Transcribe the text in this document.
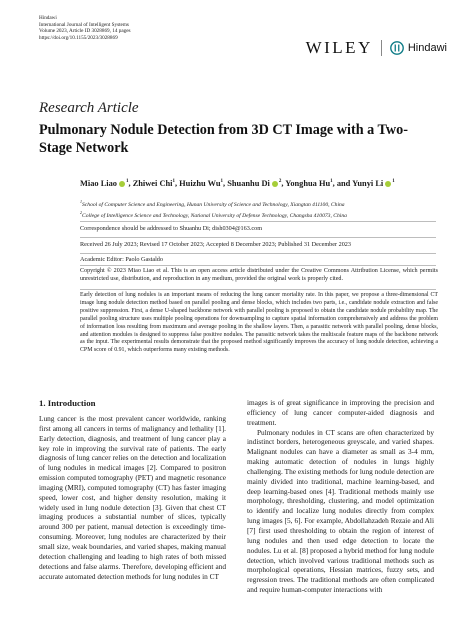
Hindawi
International Journal of Intelligent Systems
Volume 2023, Article ID 3028869, 14 pages
https://doi.org/10.1155/2023/3028869
WILEY	Hindawi
Research Article
Pulmonary Nodule Detection from 3D CT Image with a Two-Stage Network
Miao Liao $^1$, Zhiwei Chi$^1$, Huizhu Wu$^1$, Shuanhu Di $^2$, Yonghua Hu$^1$, and Yunyi Li $^1$
$^1$School of Computer Science and Engineering, Hunan University of Science and Technology, Xiangtan 411100, China
$^2$College of Intelligence Science and Technology, National University of Defense Technology, Changsha 410073, China
Correspondence should be addressed to Shuanhu Di; dish0304@163.com
Received 26 July 2023; Revised 17 October 2023; Accepted 8 December 2023; Published 31 December 2023
Academic Editor: Paolo Gastaldo
Copyright © 2023 Miao Liao et al. This is an open access article distributed under the Creative Commons Attribution License, which permits unrestricted use, distribution, and reproduction in any medium, provided the original work is properly cited.
Early detection of lung nodules is an important means of reducing the lung cancer mortality rate. In this paper, we propose a three-dimensional CT image lung nodule detection method based on parallel pooling and dense blocks, which includes two parts, i.e., candidate nodule extraction and false positive suppression. First, a dense U-shaped backbone network with parallel pooling is proposed to obtain the candidate nodule probability map. The parallel pooling structure uses multiple pooling operations for downsampling to capture spatial information comprehensively and address the problem of information loss resulting from maximum and average pooling in the shallow layers. Then, a parasitic network with parallel pooling, dense blocks, and attention modules is designed to suppress false positive nodules. The parasitic network takes the multiscale feature maps of the backbone network as the input. The experimental results demonstrate that the proposed method significantly improves the accuracy of lung nodule detection, achieving a CPM score of 0.91, which outperforms many existing methods.
1. Introduction

Lung cancer is the most prevalent cancer worldwide, ranking first among all cancers in terms of malignancy and lethality [1]. Early detection, diagnosis, and treatment of lung cancer play a key role in improving the survival rate of patients. The early diagnosis of lung cancer relies on the detection and localization of lung nodules in medical images [2]. Compared to positron emission computed tomography (PET) and magnetic resonance imaging (MRI), computed tomography (CT) has faster imaging speed, lower cost, and higher density resolution, making it widely used in lung nodule detection [3]. Given that chest CT imaging produces a substantial number of slices, typically around 300 per patient, manual detection is exceedingly time-consuming. Moreover, lung nodules are characterized by their small size, weak boundaries, and varied shapes, making manual detection challenging and leading to high rates of both missed detections and false alarms. Therefore, developing efficient and accurate automated detection methods for lung nodules in CT

images is of great significance in improving the precision and efficiency of lung cancer computer-aided diagnosis and treatment.

Pulmonary nodules in CT scans are often characterized by indistinct borders, heterogeneous greyscale, and varied shapes. Malignant nodules can have a diameter as small as 3-4 mm, making automatic detection of nodules in lungs highly challenging. The existing methods for lung nodule detection are mainly divided into traditional, machine learning-based, and deep learning-based ones [4]. Traditional methods mainly use morphology, thresholding, clustering, and model optimization to identify and localize lung nodules directly from complex lung images [5, 6]. For example, Abdollahzadeh Rezaie and Ali [7] first used thresholding to obtain the region of interest of lung nodules and then used edge detection to locate the nodules. Lu et al. [8] proposed a hybrid method for lung nodule detection, which involved various traditional methods such as morphological operations, Hessian matrices, fuzzy sets, and regression trees. The traditional methods are often complicated and require human-computer interactions with
